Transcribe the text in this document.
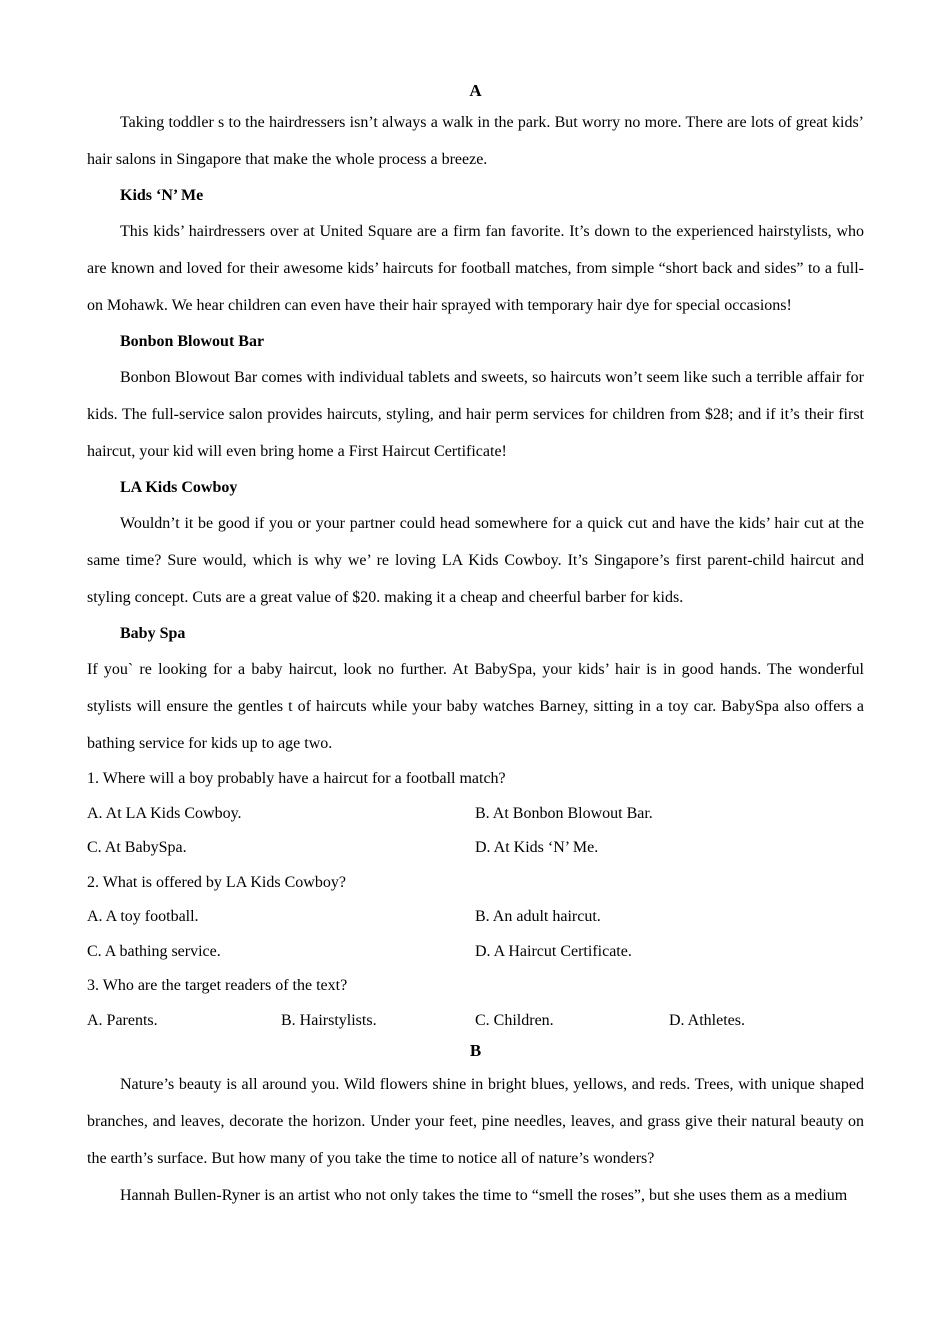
A

Taking toddler s to the hairdressers isn’t always a walk in the park. But worry no more. There are lots of great kids’ hair salons in Singapore that make the whole process a breeze.

Kids ‘N’ Me

This kids’ hairdressers over at United Square are a firm fan favorite. It’s down to the experienced hairstylists, who are known and loved for their awesome kids’ haircuts for football matches, from simple “short back and sides” to a full-on Mohawk. We hear children can even have their hair sprayed with temporary hair dye for special occasions!

Bonbon Blowout Bar

Bonbon Blowout Bar comes with individual tablets and sweets, so haircuts won’t seem like such a terrible affair for kids. The full-service salon provides haircuts, styling, and hair perm services for children from $28; and if it’s their first haircut, your kid will even bring home a First Haircut Certificate!

LA Kids Cowboy

Wouldn’t it be good if you or your partner could head somewhere for a quick cut and have the kids’ hair cut at the same time? Sure would, which is why we’ re loving LA Kids Cowboy. It’s Singapore’s first parent-child haircut and styling concept. Cuts are a great value of $20. making it a cheap and cheerful barber for kids.

Baby Spa

If you` re looking for a baby haircut, look no further. At BabySpa, your kids’ hair is in good hands. The wonderful stylists will ensure the gentles t of haircuts while your baby watches Barney, sitting in a toy car. BabySpa also offers a bathing service for kids up to age two.

1. Where will a boy probably have a haircut for a football match?
A. At LA Kids Cowboy.	B. At Bonbon Blowout Bar.
C. At BabySpa.	D. At Kids ‘N’ Me.
2. What is offered by LA Kids Cowboy?
A. A toy football.	B. An adult haircut.
C. A bathing service.	D. A Haircut Certificate.
3. Who are the target readers of the text?
A. Parents.	B. Hairstylists.	C. Children.	D. Athletes.
B

Nature’s beauty is all around you. Wild flowers shine in bright blues, yellows, and reds. Trees, with unique shaped branches, and leaves, decorate the horizon. Under your feet, pine needles, leaves, and grass give their natural beauty on the earth’s surface. But how many of you take the time to notice all of nature’s wonders?

Hannah Bullen-Ryner is an artist who not only takes the time to “smell the roses”, but she uses them as a medium
